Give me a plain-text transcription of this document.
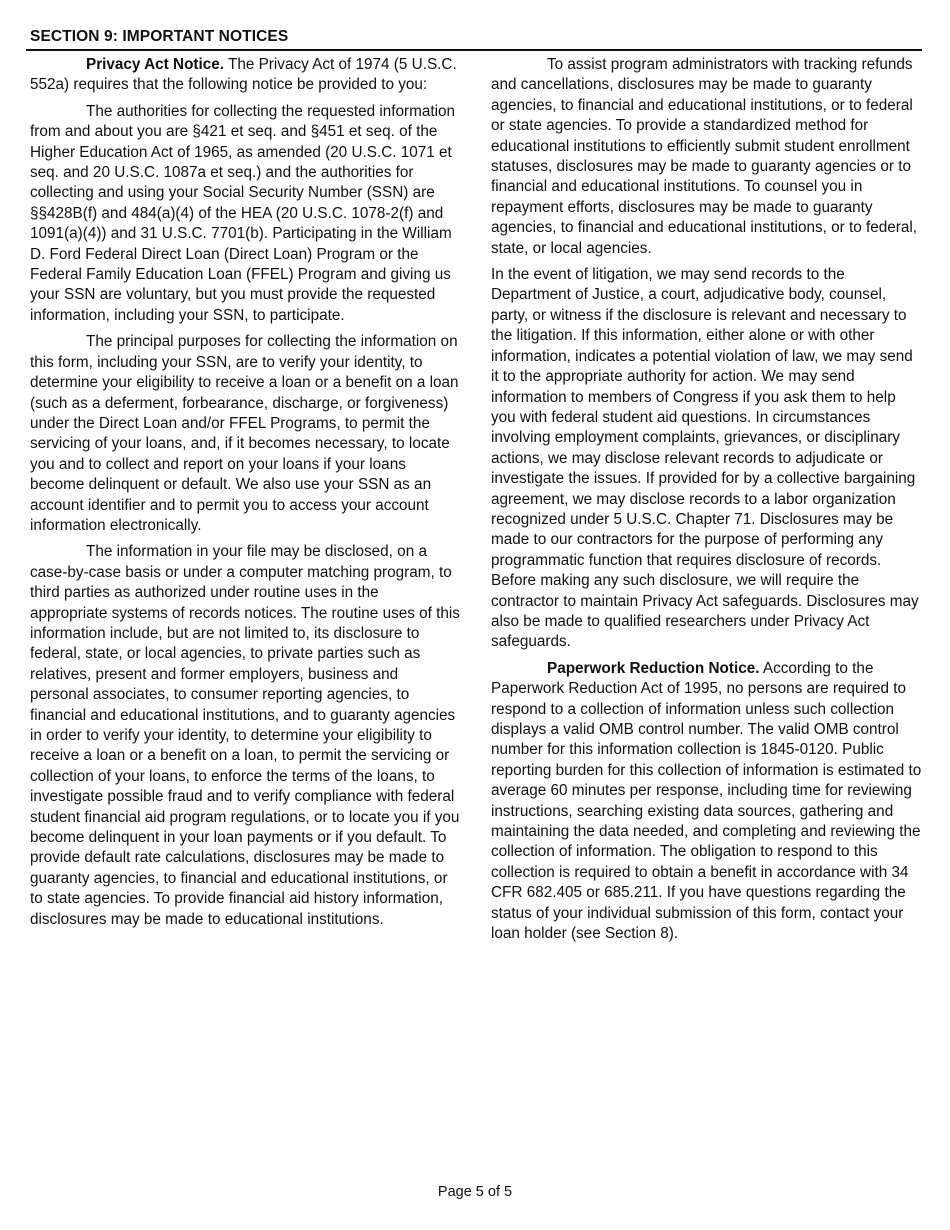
SECTION 9: IMPORTANT NOTICES

Privacy Act Notice. The Privacy Act of 1974 (5 U.S.C. 552a) requires that the following notice be provided to you:

The authorities for collecting the requested information from and about you are §421 et seq. and §451 et seq. of the Higher Education Act of 1965, as amended (20 U.S.C. 1071 et seq. and 20 U.S.C. 1087a et seq.) and the authorities for collecting and using your Social Security Number (SSN) are §§428B(f) and 484(a)(4) of the HEA (20 U.S.C. 1078-2(f) and 1091(a)(4)) and 31 U.S.C. 7701(b). Participating in the William D. Ford Federal Direct Loan (Direct Loan) Program or the Federal Family Education Loan (FFEL) Program and giving us your SSN are voluntary, but you must provide the requested information, including your SSN, to participate.

The principal purposes for collecting the information on this form, including your SSN, are to verify your identity, to determine your eligibility to receive a loan or a benefit on a loan (such as a deferment, forbearance, discharge, or forgiveness) under the Direct Loan and/or FFEL Programs, to permit the servicing of your loans, and, if it becomes necessary, to locate you and to collect and report on your loans if your loans become delinquent or default. We also use your SSN as an account identifier and to permit you to access your account information electronically.

The information in your file may be disclosed, on a case-by-case basis or under a computer matching program, to third parties as authorized under routine uses in the appropriate systems of records notices. The routine uses of this information include, but are not limited to, its disclosure to federal, state, or local agencies, to private parties such as relatives, present and former employers, business and personal associates, to consumer reporting agencies, to financial and educational institutions, and to guaranty agencies in order to verify your identity, to determine your eligibility to receive a loan or a benefit on a loan, to permit the servicing or collection of your loans, to enforce the terms of the loans, to investigate possible fraud and to verify compliance with federal student financial aid program regulations, or to locate you if you become delinquent in your loan payments or if you default. To provide default rate calculations, disclosures may be made to guaranty agencies, to financial and educational institutions, or to state agencies. To provide financial aid history information, disclosures may be made to educational institutions.

To assist program administrators with tracking refunds and cancellations, disclosures may be made to guaranty agencies, to financial and educational institutions, or to federal or state agencies. To provide a standardized method for educational institutions to efficiently submit student enrollment statuses, disclosures may be made to guaranty agencies or to financial and educational institutions. To counsel you in repayment efforts, disclosures may be made to guaranty agencies, to financial and educational institutions, or to federal, state, or local agencies.

In the event of litigation, we may send records to the Department of Justice, a court, adjudicative body, counsel, party, or witness if the disclosure is relevant and necessary to the litigation. If this information, either alone or with other information, indicates a potential violation of law, we may send it to the appropriate authority for action. We may send information to members of Congress if you ask them to help you with federal student aid questions. In circumstances involving employment complaints, grievances, or disciplinary actions, we may disclose relevant records to adjudicate or investigate the issues. If provided for by a collective bargaining agreement, we may disclose records to a labor organization recognized under 5 U.S.C. Chapter 71. Disclosures may be made to our contractors for the purpose of performing any programmatic function that requires disclosure of records. Before making any such disclosure, we will require the contractor to maintain Privacy Act safeguards. Disclosures may also be made to qualified researchers under Privacy Act safeguards.

Paperwork Reduction Notice. According to the Paperwork Reduction Act of 1995, no persons are required to respond to a collection of information unless such collection displays a valid OMB control number. The valid OMB control number for this information collection is 1845-0120. Public reporting burden for this collection of information is estimated to average 60 minutes per response, including time for reviewing instructions, searching existing data sources, gathering and maintaining the data needed, and completing and reviewing the collection of information. The obligation to respond to this collection is required to obtain a benefit in accordance with 34 CFR 682.405 or 685.211. If you have questions regarding the status of your individual submission of this form, contact your loan holder (see Section 8).

Page 5 of 5
